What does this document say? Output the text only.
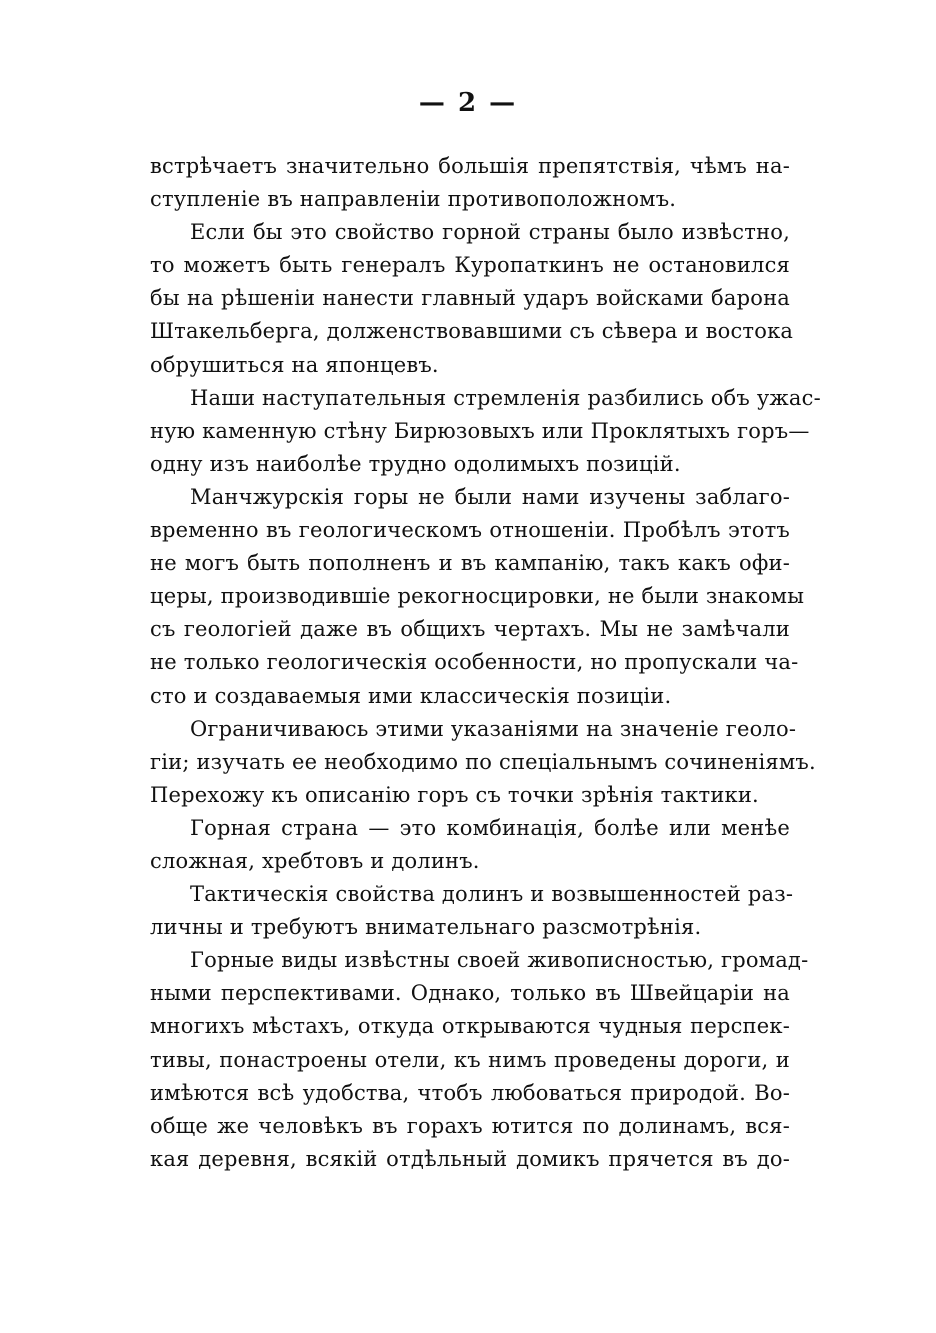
— 2 —
встрѣчаетъ значительно большія препятствія, чѣмъ на-
ступленіе въ направленіи противоположномъ.
Если бы это свойство горной страны было извѣстно,
то можетъ быть генералъ Куропаткинъ не остановился
бы на рѣшеніи нанести главный ударъ войсками барона
Штакельберга, долженствовавшими съ сѣвера и востока
обрушиться на японцевъ.
Наши наступательныя стремленія разбились объ ужас-
ную каменную стѣну Бирюзовыхъ или Проклятыхъ горъ—
одну изъ наиболѣе трудно одолимыхъ позицій.
Манчжурскія горы не были нами изучены заблаго-
временно въ геологическомъ отношеніи. Пробѣлъ этотъ
не могъ быть пополненъ и въ кампанію, такъ какъ офи-
церы, производившіе рекогносцировки, не были знакомы
съ геологіей даже въ общихъ чертахъ. Мы не замѣчали
не только геологическія особенности, но пропускали ча-
сто и создаваемыя ими классическія позиціи.
Ограничиваюсь этими указаніями на значеніе геоло-
гіи; изучать ее необходимо по спеціальнымъ сочиненіямъ.
Перехожу къ описанію горъ съ точки зрѣнія тактики.
Горная страна — это комбинація, болѣе или менѣе
сложная, хребтовъ и долинъ.
Тактическія свойства долинъ и возвышенностей раз-
личны и требуютъ внимательнаго разсмотрѣнія.
Горные виды извѣстны своей живописностью, громад-
ными перспективами. Однако, только въ Швейцаріи на
многихъ мѣстахъ, откуда открываются чудныя перспек-
тивы, понастроены отели, къ нимъ проведены дороги, и
имѣются всѣ удобства, чтобъ любоваться природой. Во-
обще же человѣкъ въ горахъ ютится по долинамъ, вся-
кая деревня, всякій отдѣльный домикъ прячется въ до-
